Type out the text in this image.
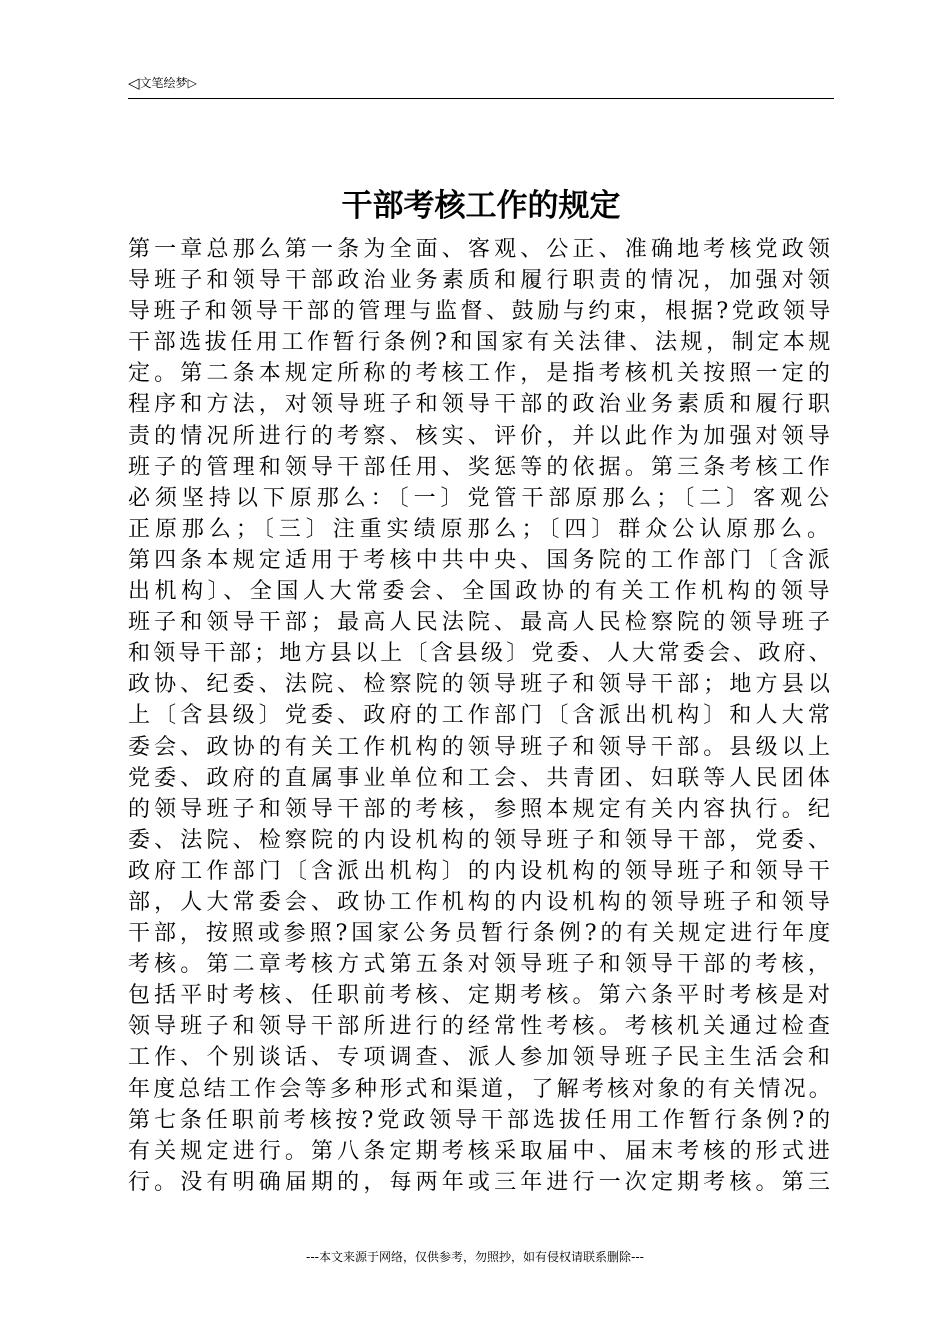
◁文笔绘梦▷
干部考核工作的规定
第一章总那么第一条为全面、客观、公正、准确地考核党政领
导班子和领导干部政治业务素质和履行职责的情况，加强对领
导班子和领导干部的管理与监督、鼓励与约束，根据?党政领导
干部选拔任用工作暂行条例?和国家有关法律、法规，制定本规
定。第二条本规定所称的考核工作，是指考核机关按照一定的
程序和方法，对领导班子和领导干部的政治业务素质和履行职
责的情况所进行的考察、核实、评价，并以此作为加强对领导
班子的管理和领导干部任用、奖惩等的依据。第三条考核工作
必须坚持以下原那么：〔一〕党管干部原那么；〔二〕客观公
正原那么；〔三〕注重实绩原那么；〔四〕群众公认原那么。
第四条本规定适用于考核中共中央、国务院的工作部门〔含派
出机构〕、全国人大常委会、全国政协的有关工作机构的领导
班子和领导干部；最高人民法院、最高人民检察院的领导班子
和领导干部；地方县以上〔含县级〕党委、人大常委会、政府、
政协、纪委、法院、检察院的领导班子和领导干部；地方县以
上〔含县级〕党委、政府的工作部门〔含派出机构〕和人大常
委会、政协的有关工作机构的领导班子和领导干部。县级以上
党委、政府的直属事业单位和工会、共青团、妇联等人民团体
的领导班子和领导干部的考核，参照本规定有关内容执行。纪
委、法院、检察院的内设机构的领导班子和领导干部，党委、
政府工作部门〔含派出机构〕的内设机构的领导班子和领导干
部，人大常委会、政协工作机构的内设机构的领导班子和领导
干部，按照或参照?国家公务员暂行条例?的有关规定进行年度
考核。第二章考核方式第五条对领导班子和领导干部的考核，
包括平时考核、任职前考核、定期考核。第六条平时考核是对
领导班子和领导干部所进行的经常性考核。考核机关通过检查
工作、个别谈话、专项调查、派人参加领导班子民主生活会和
年度总结工作会等多种形式和渠道，了解考核对象的有关情况。
第七条任职前考核按?党政领导干部选拔任用工作暂行条例?的
有关规定进行。第八条定期考核采取届中、届末考核的形式进
行。没有明确届期的，每两年或三年进行一次定期考核。第三
---本文来源于网络，仅供参考，勿照抄，如有侵权请联系删除---
